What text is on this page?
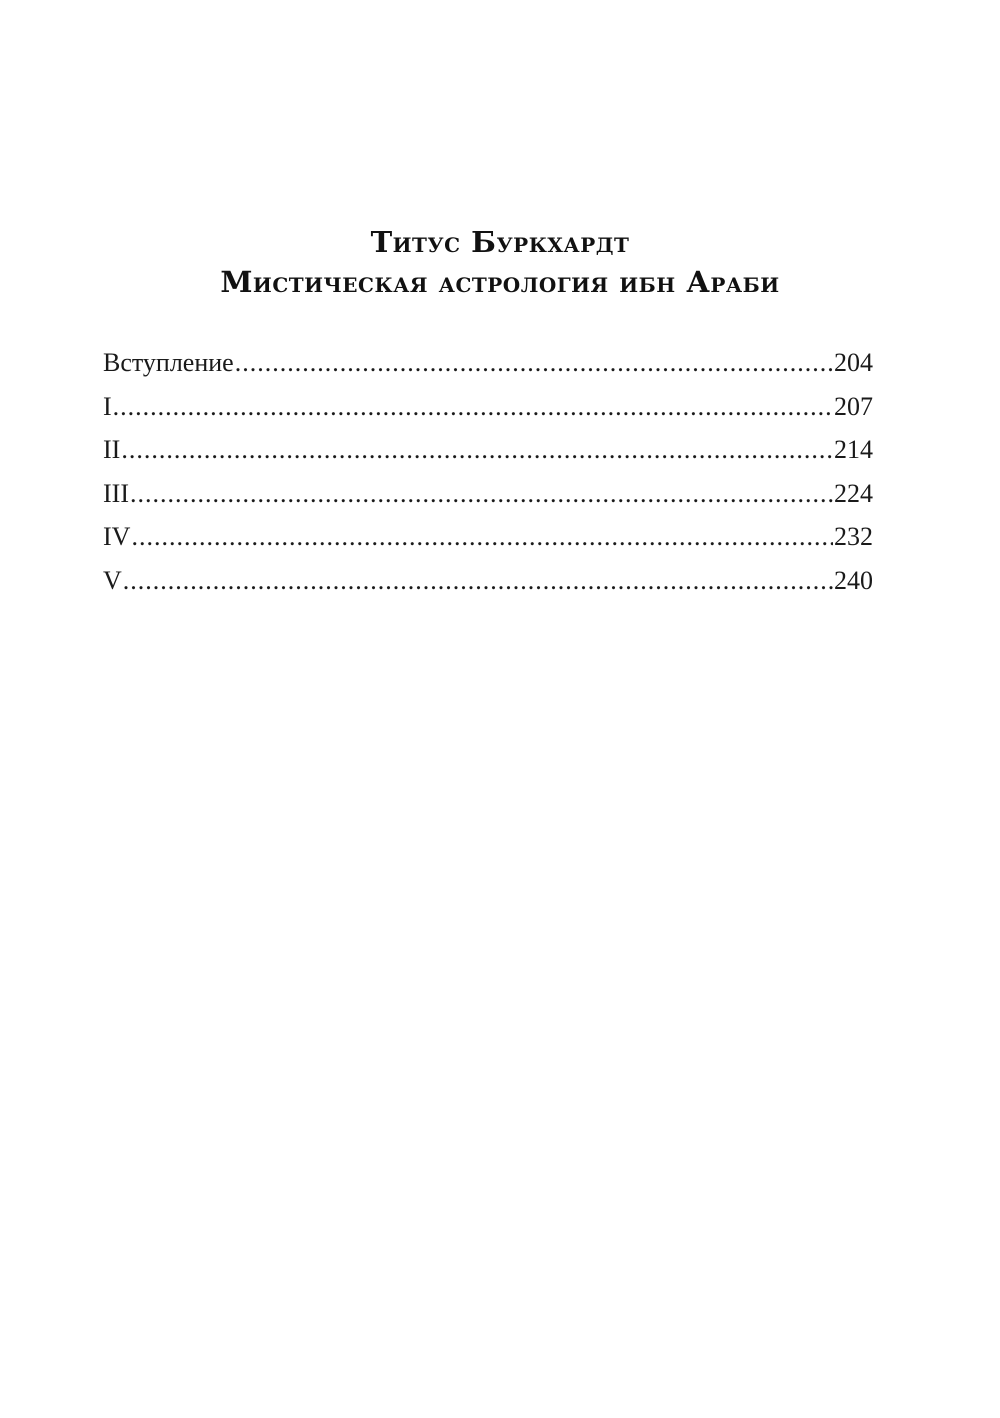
Титус Буркхардт
Мистическая астрология ибн Араби
Вступление .....	204
I .....	207
II .....	214
III .....	224
IV .....	232
V .....	240
